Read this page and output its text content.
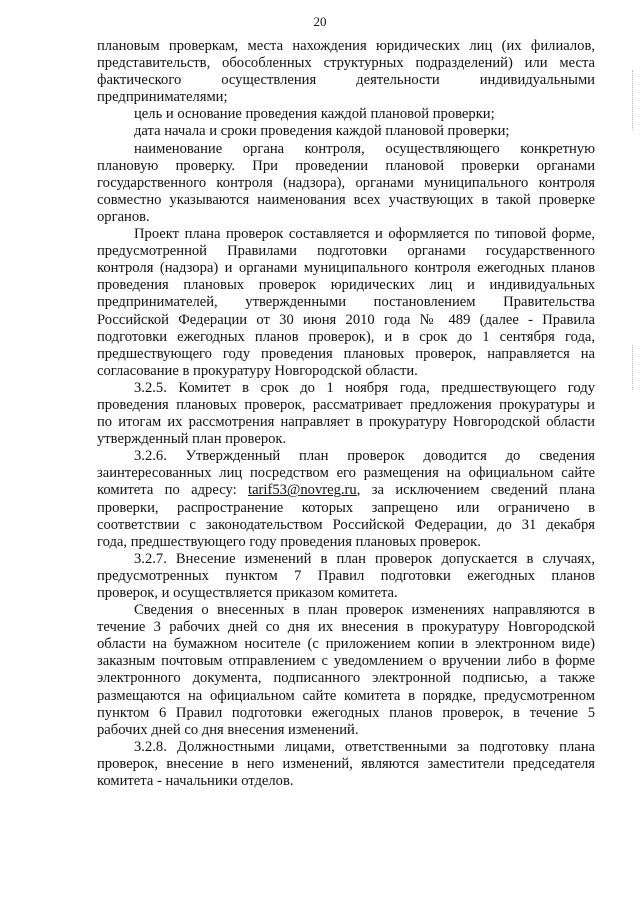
20

плановым проверкам, места нахождения юридических лиц (их филиалов,
представительств, обособленных структурных подразделений) или места
фактического осуществления деятельности индивидуальными
предпринимателями;

цель и основание проведения каждой плановой проверки;

дата начала и сроки проведения каждой плановой проверки;

наименование органа контроля, осуществляющего конкретную
плановую проверку. При проведении плановой проверки органами
государственного контроля (надзора), органами муниципального контроля
совместно указываются наименования всех участвующих в такой проверке
органов.

Проект плана проверок составляется и оформляется по типовой форме,
предусмотренной Правилами подготовки органами государственного
контроля (надзора) и органами муниципального контроля ежегодных планов
проведения плановых проверок юридических лиц и индивидуальных
предпринимателей, утвержденными постановлением Правительства
Российской Федерации от 30 июня 2010 года № 489 (далее - Правила
подготовки ежегодных планов проверок), и в срок до 1 сентября года,
предшествующего году проведения плановых проверок, направляется на
согласование в прокуратуру Новгородской области.

3.2.5. Комитет в срок до 1 ноября года, предшествующего году
проведения плановых проверок, рассматривает предложения прокуратуры и
по итогам их рассмотрения направляет в прокуратуру Новгородской области
утвержденный план проверок.

3.2.6. Утвержденный план проверок доводится до сведения
заинтересованных лиц посредством его размещения на официальном сайте
комитета по адресу: tarif53@novreg.ru, за исключением сведений плана
проверки, распространение которых запрещено или ограничено в
соответствии с законодательством Российской Федерации, до 31 декабря
года, предшествующего году проведения плановых проверок.

3.2.7. Внесение изменений в план проверок допускается в случаях,
предусмотренных пунктом 7 Правил подготовки ежегодных планов
проверок, и осуществляется приказом комитета.

Сведения о внесенных в план проверок изменениях направляются в
течение 3 рабочих дней со дня их внесения в прокуратуру Новгородской
области на бумажном носителе (с приложением копии в электронном виде)
заказным почтовым отправлением с уведомлением о вручении либо в форме
электронного документа, подписанного электронной подписью, а также
размещаются на официальном сайте комитета в порядке, предусмотренном
пунктом 6 Правил подготовки ежегодных планов проверок, в течение 5
рабочих дней со дня внесения изменений.

3.2.8. Должностными лицами, ответственными за подготовку плана
проверок, внесение в него изменений, являются заместители председателя
комитета - начальники отделов.
